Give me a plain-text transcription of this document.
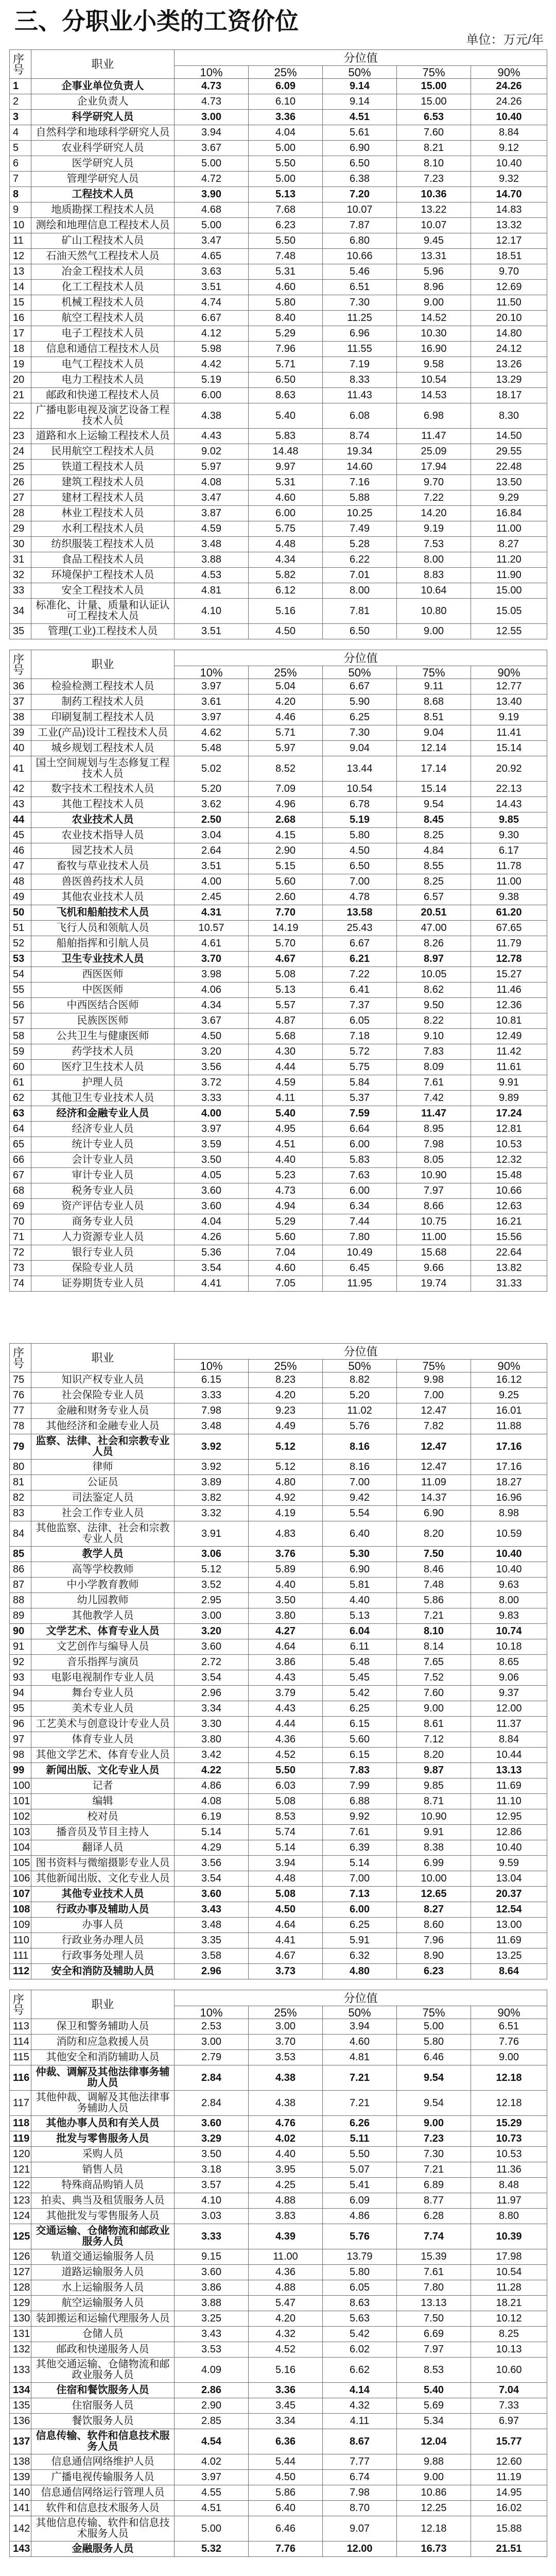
三、分职业小类的工资价位
单位：万元/年
序号	职业	分位值				
		10%	25%	50%	75%	90%
1	企事业单位负责人	4.73	6.09	9.14	15.00	24.26
2	企业负责人	4.73	6.10	9.14	15.00	24.26
3	科学研究人员	3.00	3.36	4.51	6.53	10.40
4	自然科学和地球科学研究人员	3.94	4.04	5.61	7.60	8.84
5	农业科学研究人员	3.67	5.00	6.90	8.21	9.12
6	医学研究人员	5.00	5.50	6.50	8.10	10.40
7	管理学研究人员	4.72	5.00	6.38	7.23	9.32
8	工程技术人员	3.90	5.13	7.20	10.36	14.70
9	地质勘探工程技术人员	4.68	7.68	10.07	13.22	14.83
10	测绘和地理信息工程技术人员	5.00	6.23	7.87	10.07	13.32
11	矿山工程技术人员	3.47	5.50	6.80	9.45	12.17
12	石油天然气工程技术人员	4.65	7.48	10.66	13.31	18.51
13	冶金工程技术人员	3.63	5.31	5.46	5.96	9.70
14	化工工程技术人员	3.51	4.60	6.51	8.96	12.69
15	机械工程技术人员	4.74	5.80	7.30	9.00	11.50
16	航空工程技术人员	6.67	8.40	11.25	14.52	20.10
17	电子工程技术人员	4.12	5.29	6.96	10.30	14.80
18	信息和通信工程技术人员	5.98	7.96	11.55	16.90	24.12
19	电气工程技术人员	4.42	5.71	7.19	9.58	13.26
20	电力工程技术人员	5.19	6.50	8.33	10.54	13.29
21	邮政和快递工程技术人员	6.00	8.63	11.43	14.53	18.17
22	广播电影电视及演艺设备工程技术人员	4.38	5.40	6.08	6.98	8.30
23	道路和水上运输工程技术人员	4.43	5.83	8.74	11.47	14.50
24	民用航空工程技术人员	9.02	14.48	19.34	25.09	29.55
25	铁道工程技术人员	5.97	9.97	14.60	17.94	22.48
26	建筑工程技术人员	4.08	5.31	7.16	9.70	13.50
27	建材工程技术人员	3.47	4.60	5.88	7.22	9.29
28	林业工程技术人员	3.87	6.00	10.25	14.20	16.84
29	水利工程技术人员	4.59	5.75	7.49	9.19	11.00
30	纺织服装工程技术人员	3.48	4.48	5.28	7.53	8.27
31	食品工程技术人员	3.88	4.34	6.22	8.00	11.20
32	环境保护工程技术人员	4.53	5.82	7.01	8.83	11.90
33	安全工程技术人员	4.81	6.12	8.00	10.64	15.00
34	标准化、计量、质量和认证认可工程技术人员	4.10	5.16	7.81	10.80	15.05
35	管理(工业)工程技术人员	3.51	4.50	6.50	9.00	12.55
序号	职业	分位值				
		10%	25%	50%	75%	90%
36	检验检测工程技术人员	3.97	5.04	6.67	9.11	12.77
37	制药工程技术人员	3.61	4.20	5.90	8.68	13.40
38	印刷复制工程技术人员	3.97	4.46	6.25	8.51	9.19
39	工业(产品)设计工程技术人员	4.62	5.71	7.30	9.04	11.41
40	城乡规划工程技术人员	5.48	5.97	9.04	12.14	15.14
41	国土空间规划与生态修复工程技术人员	5.02	8.52	13.44	17.14	20.92
42	数字技术工程技术人员	5.20	7.09	10.54	15.14	22.13
43	其他工程技术人员	3.62	4.96	6.78	9.54	14.43
44	农业技术人员	2.50	2.68	5.19	8.45	9.85
45	农业技术指导人员	3.04	4.15	5.80	8.25	9.30
46	园艺技术人员	2.64	2.90	4.50	4.84	6.17
47	畜牧与草业技术人员	3.51	5.15	6.50	8.55	11.78
48	兽医兽药技术人员	4.00	5.60	7.00	8.25	11.00
49	其他农业技术人员	2.45	2.60	4.78	6.57	9.38
50	飞机和船舶技术人员	4.31	7.70	13.58	20.51	61.20
51	飞行人员和领航人员	10.57	14.19	25.43	47.00	67.65
52	船舶指挥和引航人员	4.61	5.70	6.67	8.26	11.79
53	卫生专业技术人员	3.70	4.67	6.21	8.97	12.78
54	西医医师	3.98	5.08	7.22	10.05	15.27
55	中医医师	4.06	5.13	6.41	8.62	11.46
56	中西医结合医师	4.34	5.57	7.37	9.50	12.36
57	民族医医师	3.67	4.87	6.05	8.22	10.81
58	公共卫生与健康医师	4.50	5.68	7.18	9.10	12.49
59	药学技术人员	3.20	4.30	5.72	7.83	11.42
60	医疗卫生技术人员	3.56	4.44	5.75	8.09	11.61
61	护理人员	3.72	4.59	5.84	7.61	9.91
62	其他卫生专业技术人员	3.33	4.11	5.37	7.42	9.89
63	经济和金融专业人员	4.00	5.40	7.59	11.47	17.24
64	经济专业人员	3.97	4.95	6.64	8.95	12.81
65	统计专业人员	3.59	4.51	6.00	7.98	10.53
66	会计专业人员	3.50	4.40	5.83	8.05	12.32
67	审计专业人员	4.05	5.23	7.63	10.90	15.48
68	税务专业人员	3.60	4.73	6.00	7.97	10.66
69	资产评估专业人员	3.60	4.94	6.34	8.66	12.63
70	商务专业人员	4.04	5.29	7.44	10.75	16.21
71	人力资源专业人员	4.26	5.60	7.80	11.00	15.56
72	银行专业人员	5.36	7.04	10.49	15.68	22.64
73	保险专业人员	3.54	4.60	6.45	9.66	13.82
74	证券期货专业人员	4.41	7.05	11.95	19.74	31.33
序号	职业	分位值				
		10%	25%	50%	75%	90%
75	知识产权专业人员	6.15	8.23	8.82	9.98	16.12
76	社会保险专业人员	3.33	4.20	5.20	7.00	9.25
77	金融和财务专业人员	7.98	9.23	11.02	12.47	16.01
78	其他经济和金融专业人员	3.48	4.49	5.76	7.82	11.88
79	监察、法律、社会和宗教专业人员	3.92	5.12	8.16	12.47	17.16
80	律师	3.92	5.12	8.16	12.47	17.16
81	公证员	3.89	4.80	7.00	11.09	18.27
82	司法鉴定人员	3.82	4.92	9.42	14.37	16.96
83	社会工作专业人员	3.32	4.19	5.54	6.90	8.98
84	其他监察、法律、社会和宗教专业人员	3.91	4.83	6.40	8.20	10.59
85	教学人员	3.06	3.76	5.30	7.50	10.40
86	高等学校教师	5.12	5.89	6.90	8.46	10.40
87	中小学教育教师	3.52	4.40	5.81	7.48	9.63
88	幼儿园教师	2.95	3.50	4.40	5.86	8.00
89	其他教学人员	3.00	3.80	5.13	7.21	9.83
90	文学艺术、体育专业人员	3.20	4.27	6.04	8.10	10.74
91	文艺创作与编导人员	3.60	4.64	6.11	8.14	10.18
92	音乐指挥与演员	2.72	3.86	5.48	7.65	8.65
93	电影电视制作专业人员	3.54	4.43	5.45	7.52	9.06
94	舞台专业人员	2.96	3.79	5.42	7.60	9.37
95	美术专业人员	3.34	4.43	6.25	9.00	12.00
96	工艺美术与创意设计专业人员	3.30	4.44	6.15	8.61	11.37
97	体育专业人员	3.80	4.36	5.60	7.12	8.84
98	其他文学艺术、体育专业人员	3.42	4.52	6.15	8.20	10.44
99	新闻出版、文化专业人员	4.22	5.50	7.83	9.87	13.13
100	记者	4.86	6.03	7.99	9.85	11.69
101	编辑	4.08	5.08	6.88	8.71	11.10
102	校对员	6.19	8.53	9.92	10.90	12.95
103	播音员及节目主持人	5.14	5.74	7.61	9.91	12.86
104	翻译人员	4.29	5.14	6.39	8.38	10.40
105	图书资料与微缩摄影专业人员	3.56	3.94	5.14	6.99	9.59
106	其他新闻出版、文化专业人员	3.54	4.48	7.00	10.00	13.04
107	其他专业技术人员	3.60	5.08	7.13	12.65	20.37
108	行政办事及辅助人员	3.43	4.50	6.00	8.27	12.54
109	办事人员	3.48	4.64	6.25	8.60	13.00
110	行政业务办理人员	3.35	4.41	5.91	7.96	11.69
111	行政事务处理人员	3.58	4.67	6.32	8.90	13.25
112	安全和消防及辅助人员	2.96	3.73	4.80	6.23	8.64
序号	职业	分位值				
		10%	25%	50%	75%	90%
113	保卫和警务辅助人员	2.53	3.00	3.94	5.00	6.51
114	消防和应急救援人员	3.00	3.70	4.60	5.80	7.76
115	其他安全和消防辅助人员	2.79	3.53	4.81	6.46	9.00
116	仲裁、调解及其他法律事务辅助人员	2.84	4.38	7.21	9.54	12.18
117	其他仲裁、调解及其他法律事务辅助人员	2.84	4.38	7.21	9.54	12.18
118	其他办事人员和有关人员	3.60	4.76	6.26	9.00	15.29
119	批发与零售服务人员	3.29	4.02	5.11	7.23	10.73
120	采购人员	3.50	4.40	5.50	7.30	10.53
121	销售人员	3.18	3.95	5.07	7.21	11.36
122	特殊商品购销人员	3.57	4.25	5.41	6.89	8.48
123	拍卖、典当及租赁服务人员	4.10	4.88	6.09	8.77	11.97
124	其他批发与零售服务人员	3.03	3.83	4.86	6.28	8.80
125	交通运输、仓储物流和邮政业服务人员	3.33	4.39	5.76	7.74	10.39
126	轨道交通运输服务人员	9.15	11.00	13.79	15.39	17.98
127	道路运输服务人员	3.60	4.36	5.80	7.61	10.54
128	水上运输服务人员	3.86	4.88	6.05	7.80	11.28
129	航空运输服务人员	3.88	5.47	8.63	13.13	18.21
130	装卸搬运和运输代理服务人员	3.25	4.20	5.63	7.50	10.12
131	仓储人员	3.43	4.32	5.42	6.69	8.25
132	邮政和快递服务人员	3.53	4.52	6.02	7.97	10.13
133	其他交通运输、仓储物流和邮政业服务人员	4.09	5.16	6.62	8.53	10.60
134	住宿和餐饮服务人员	2.86	3.36	4.14	5.40	7.04
135	住宿服务人员	2.90	3.45	4.32	5.69	7.33
136	餐饮服务人员	2.85	3.34	4.11	5.34	6.97
137	信息传输、软件和信息技术服务人员	4.54	6.36	8.67	12.04	15.77
138	信息通信网络维护人员	4.02	5.44	7.77	9.88	12.60
139	广播电视传输服务人员	3.97	4.50	6.74	9.00	11.19
140	信息通信网络运行管理人员	4.55	5.86	7.98	10.86	14.95
141	软件和信息技术服务人员	4.51	6.40	8.70	12.25	16.02
142	其他信息传输、软件和信息技术服务人员	5.00	6.46	9.07	12.18	15.88
143	金融服务人员	5.32	7.76	12.00	16.73	21.51
